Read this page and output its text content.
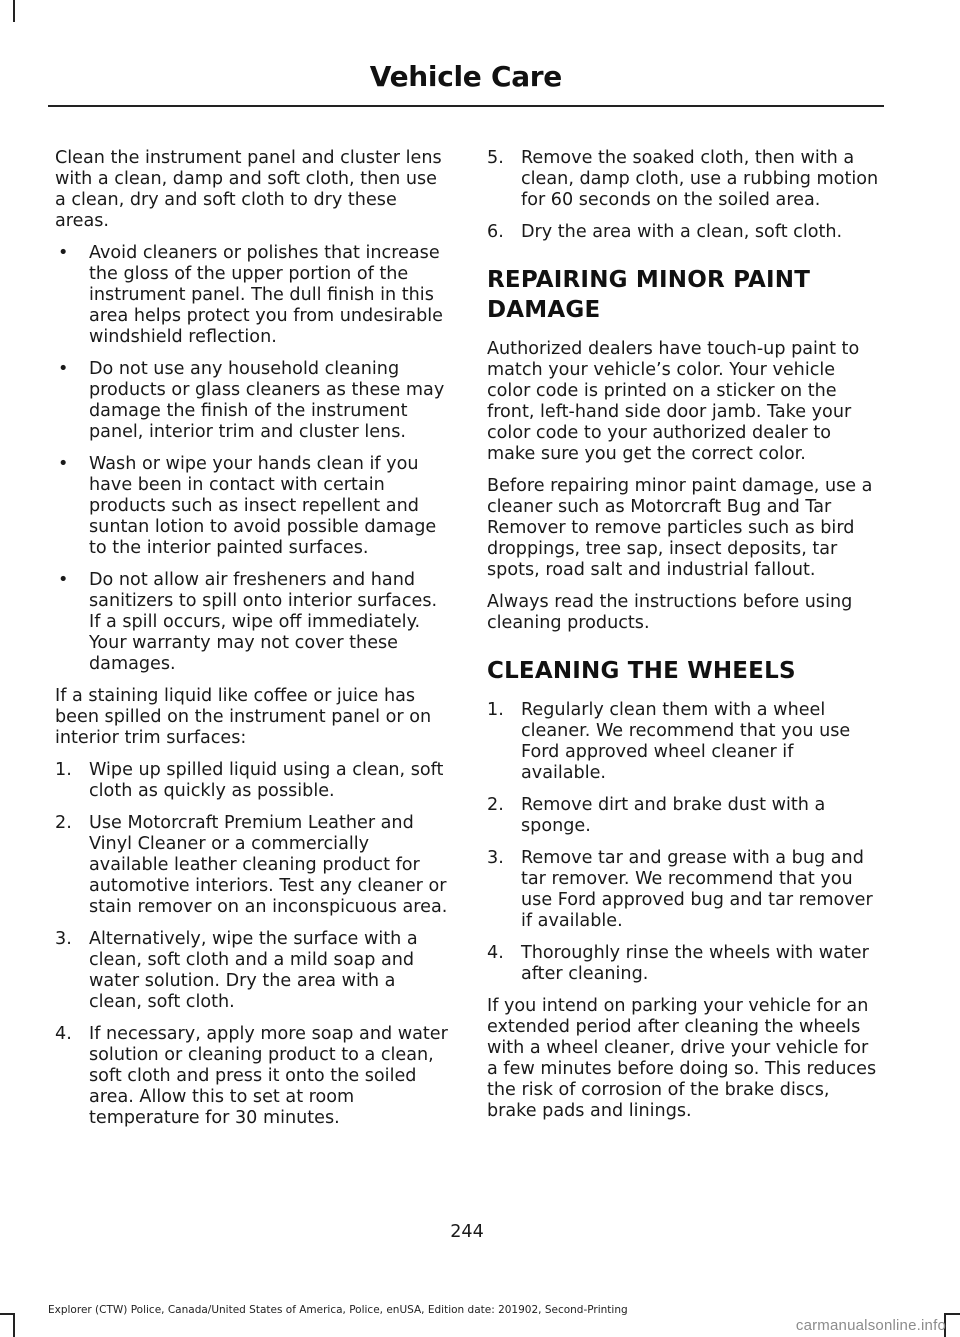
Vehicle Care

Clean the instrument panel and cluster lens with a clean, damp and soft cloth, then use a clean, dry and soft cloth to dry these areas.

• Avoid cleaners or polishes that increase the gloss of the upper portion of the instrument panel. The dull finish in this area helps protect you from undesirable windshield reflection.
• Do not use any household cleaning products or glass cleaners as these may damage the finish of the instrument panel, interior trim and cluster lens.
• Wash or wipe your hands clean if you have been in contact with certain products such as insect repellent and suntan lotion to avoid possible damage to the interior painted surfaces.
• Do not allow air fresheners and hand sanitizers to spill onto interior surfaces. If a spill occurs, wipe off immediately. Your warranty may not cover these damages.

If a staining liquid like coffee or juice has been spilled on the instrument panel or on interior trim surfaces:

1. Wipe up spilled liquid using a clean, soft cloth as quickly as possible.
2. Use Motorcraft Premium Leather and Vinyl Cleaner or a commercially available leather cleaning product for automotive interiors. Test any cleaner or stain remover on an inconspicuous area.
3. Alternatively, wipe the surface with a clean, soft cloth and a mild soap and water solution. Dry the area with a clean, soft cloth.
4. If necessary, apply more soap and water solution or cleaning product to a clean, soft cloth and press it onto the soiled area. Allow this to set at room temperature for 30 minutes.
5. Remove the soaked cloth, then with a clean, damp cloth, use a rubbing motion for 60 seconds on the soiled area.
6. Dry the area with a clean, soft cloth.
REPAIRING MINOR PAINT DAMAGE

Authorized dealers have touch-up paint to match your vehicle’s color. Your vehicle color code is printed on a sticker on the front, left-hand side door jamb. Take your color code to your authorized dealer to make sure you get the correct color.

Before repairing minor paint damage, use a cleaner such as Motorcraft Bug and Tar Remover to remove particles such as bird droppings, tree sap, insect deposits, tar spots, road salt and industrial fallout.

Always read the instructions before using cleaning products.

CLEANING THE WHEELS
1. Regularly clean them with a wheel cleaner. We recommend that you use Ford approved wheel cleaner if available.
2. Remove dirt and brake dust with a sponge.
3. Remove tar and grease with a bug and tar remover. We recommend that you use Ford approved bug and tar remover if available.
4. Thoroughly rinse the wheels with water after cleaning.

If you intend on parking your vehicle for an extended period after cleaning the wheels with a wheel cleaner, drive your vehicle for a few minutes before doing so. This reduces the risk of corrosion of the brake discs, brake pads and linings.

244
Explorer (CTW) Police, Canada/United States of America, Police, enUSA, Edition date: 201902, Second-Printing
carmanualsonline.info
